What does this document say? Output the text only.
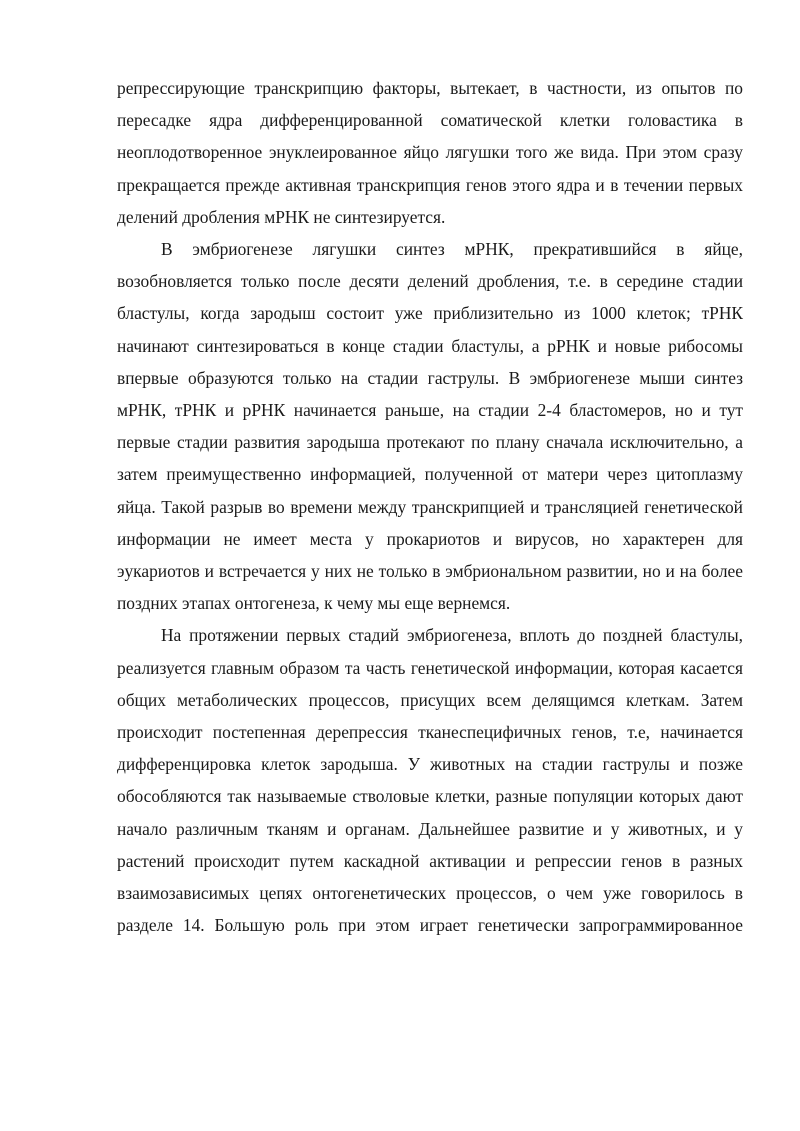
репрессирующие транскрипцию факторы, вытекает, в частности, из опытов по пересадке ядра дифференцированной соматической клетки головастика в неоплодотворенное энуклеированное яйцо лягушки того же вида. При этом сразу прекращается прежде активная транскрипция генов этого ядра и в течении первых делений дробления мРНК не синтезируется.

В эмбриогенезе лягушки синтез мРНК, прекратившийся в яйце, возобновляется только после десяти делений дробления, т.е. в середине стадии бластулы, когда зародыш состоит уже приблизительно из 1000 клеток; тРНК начинают синтезироваться в конце стадии бластулы, а рРНК и новые рибосомы впервые образуются только на стадии гаструлы. В эмбриогенезе мыши синтез мРНК, тРНК и рРНК начинается раньше, на стадии 2-4 бластомеров, но и тут первые стадии развития зародыша протекают по плану сначала исключительно, а затем преимущественно информацией, полученной от матери через цитоплазму яйца. Такой разрыв во времени между транскрипцией и трансляцией генетической информации не имеет места у прокариотов и вирусов, но характерен для эукариотов и встречается у них не только в эмбриональном развитии, но и на более поздних этапах онтогенеза, к чему мы еще вернемся.

На протяжении первых стадий эмбриогенеза, вплоть до поздней бластулы, реализуется главным образом та часть генетической информации, которая касается общих метаболических процессов, присущих всем делящимся клеткам. Затем происходит постепенная дерепрессия тканеспецифичных генов, т.е, начинается дифференцировка клеток зародыша. У животных на стадии гаструлы и позже обособляются так называемые стволовые клетки, разные популяции которых дают начало различным тканям и органам. Дальнейшее развитие и у животных, и у растений происходит путем каскадной активации и репрессии генов в разных взаимозависимых цепях онтогенетических процессов, о чем уже говорилось в разделе 14. Большую роль при этом играет генетически запрограммированное
